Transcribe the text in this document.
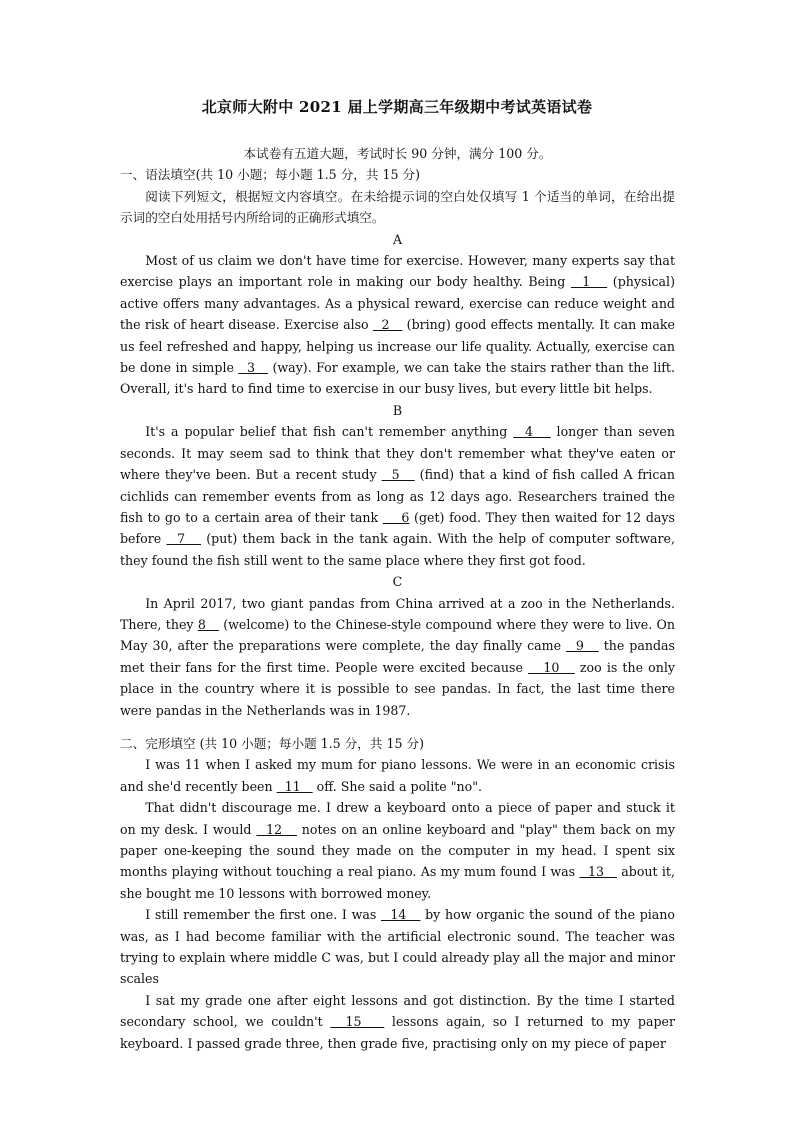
北京师大附中 2021 届上学期高三年级期中考试英语试卷

本试卷有五道大题，考试时长 90 分钟，满分 100 分。

一、语法填空(共 10 小题；每小题 1.5 分，共 15 分)

阅读下列短文，根据短文内容填空。在未给提示词的空白处仅填写 1 个适当的单词，在给出提示词的空白处用括号内所给词的正确形式填空。

A

Most of us claim we don't have time for exercise. However, many experts say that exercise plays an important role in making our body healthy. Being   1    (physical) active offers many advantages. As a physical reward, exercise can reduce weight and the risk of heart disease. Exercise also   2    (bring) good effects mentally. It can make us feel refreshed and happy, helping us increase our life quality. Actually, exercise can be done in simple   3    (way). For example, we can take the stairs rather than the lift. Overall, it's hard to find time to exercise in our busy lives, but every little bit helps.

B

It's a popular belief that fish can't remember anything   4    longer than seven seconds. It may seem sad to think that they don't remember what they've eaten or where they've been. But a recent study   5    (find) that a kind of fish called A frican cichlids can remember events from as long as 12 days ago. Researchers trained the fish to go to a certain area of their tank     6 (get) food. They then waited for 12 days before   7    (put) them back in the tank again. With the help of computer software, they found the fish still went to the same place where they first got food.

C

In April 2017, two giant pandas from China arrived at a zoo in the Netherlands. There, they 8    (welcome) to the Chinese-style compound where they were to live. On May 30, after the preparations were complete, the day finally came   9    the pandas met their fans for the first time. People were excited because    10    zoo is the only place in the country where it is possible to see pandas. In fact, the last time there were pandas in the Netherlands was in 1987.

二、完形填空 (共 10 小题；每小题 1.5 分，共 15 分)

I was 11 when I asked my mum for piano lessons. We were in an economic crisis and she'd recently been   11    off. She said a polite "no".

That didn't discourage me. I drew a keyboard onto a piece of paper and stuck it on my desk. I would   12    notes on an online keyboard and "play" them back on my paper one-keeping the sound they made on the computer in my head. I spent six months playing without touching a real piano. As my mum found I was   13    about it, she bought me 10 lessons with borrowed money.

I still remember the first one. I was   14    by how organic the sound of the piano was, as I had become familiar with the artificial electronic sound. The teacher was trying to explain where middle C was, but I could already play all the major and minor scales

I sat my grade one after eight lessons and got distinction. By the time I started secondary school, we couldn't   15    lessons again, so I returned to my paper keyboard. I passed grade three, then grade five, practising only on my piece of paper
